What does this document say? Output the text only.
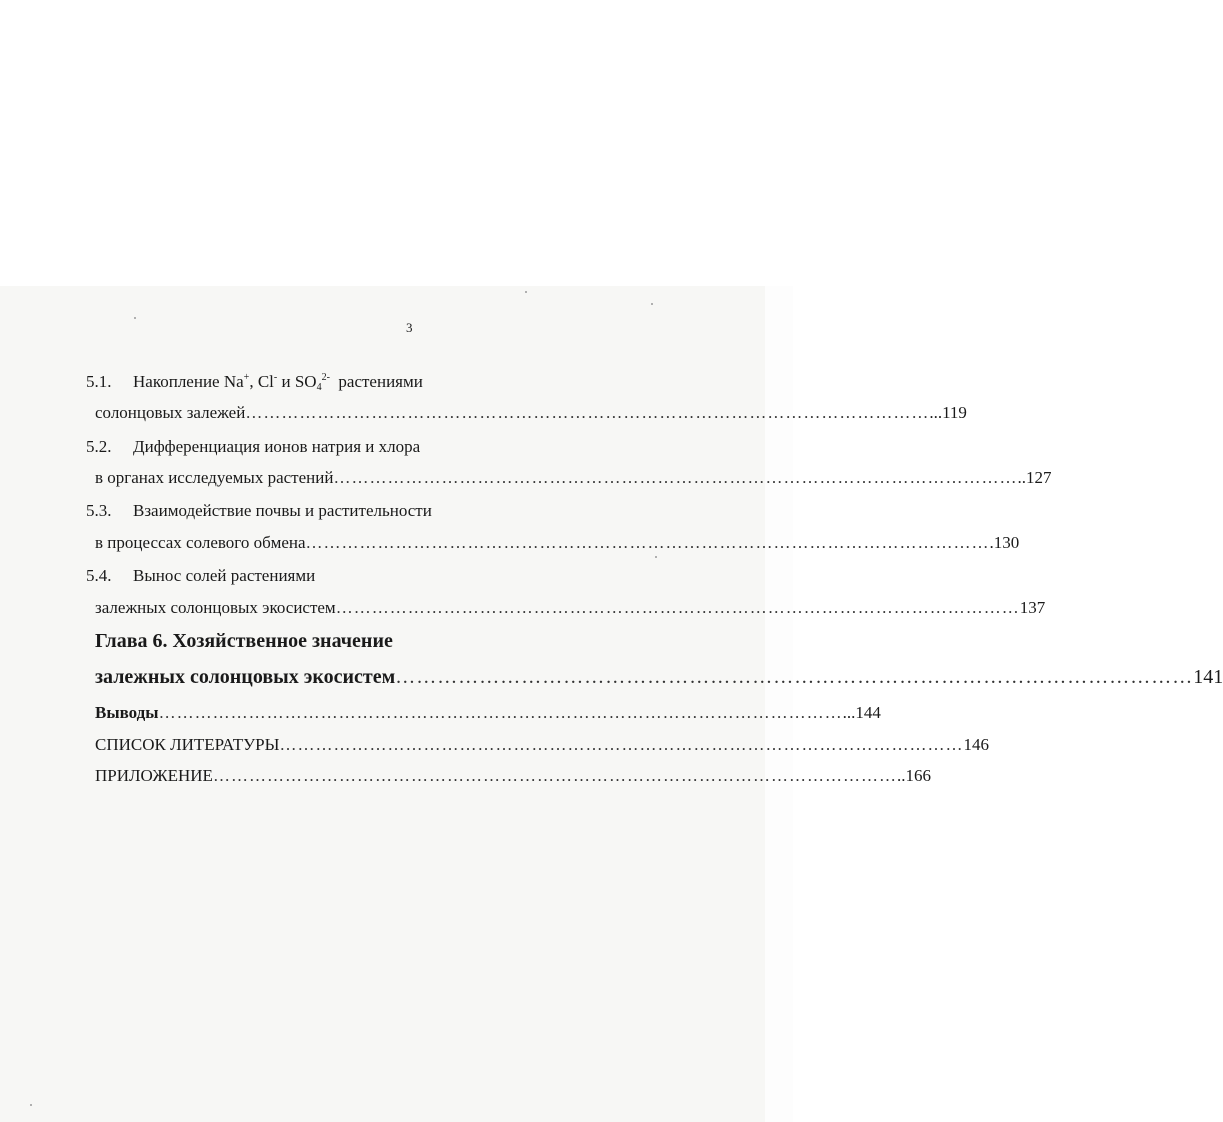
3
5.1. Накопление Na+, Cl- и $SO_4^{2-}$ растениями
солонцовых залежей …………………………………………………………………………………………………… ...119
5.2. Дифференциация ионов натрия и хлора
в органах исследуемых растений …………………………………………………………………………………………………… ..127
5.3. Взаимодействие почвы и растительности
в процессах солевого обмена …………………………………………………………………………………………………… .130
5.4. Вынос солей растениями
залежных солонцовых экосистем …………………………………………………………………………………………………… 137
Глава 6. Хозяйственное значение
залежных солонцовых экосистем …………………………………………………………………………………………………… 141
Выводы …………………………………………………………………………………………………… ...144
СПИСОК ЛИТЕРАТУРЫ …………………………………………………………………………………………………… 146
ПРИЛОЖЕНИЕ …………………………………………………………………………………………………… ..166
